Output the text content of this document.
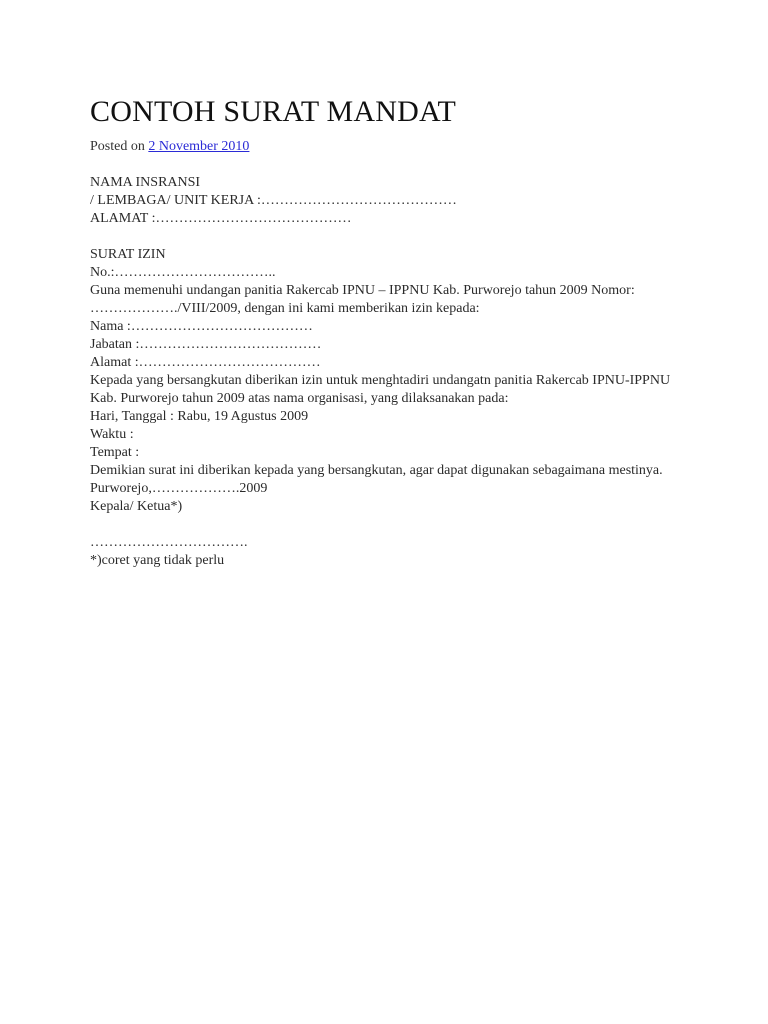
CONTOH SURAT MANDAT
Posted on 2 November 2010
NAMA INSRANSI
/ LEMBAGA/ UNIT KERJA :……………………………………
ALAMAT :……………………………………
SURAT IZIN
No.:……………………………..
Guna memenuhi undangan panitia Rakercab IPNU – IPPNU Kab. Purworejo tahun 2009 Nomor: ………………./VIII/2009, dengan ini kami memberikan izin kepada:
Nama :…………………………………
Jabatan :…………………………………
Alamat :…………………………………
Kepada yang bersangkutan diberikan izin untuk menghtadiri undangatn panitia Rakercab IPNU-IPPNU Kab. Purworejo tahun 2009 atas nama organisasi, yang dilaksanakan pada:
Hari, Tanggal : Rabu, 19 Agustus 2009
Waktu :
Tempat :
Demikian surat ini diberikan kepada yang bersangkutan, agar dapat digunakan sebagaimana mestinya.
Purworejo,……………….2009
Kepala/ Ketua*)
…………………………….
*)coret yang tidak perlu
